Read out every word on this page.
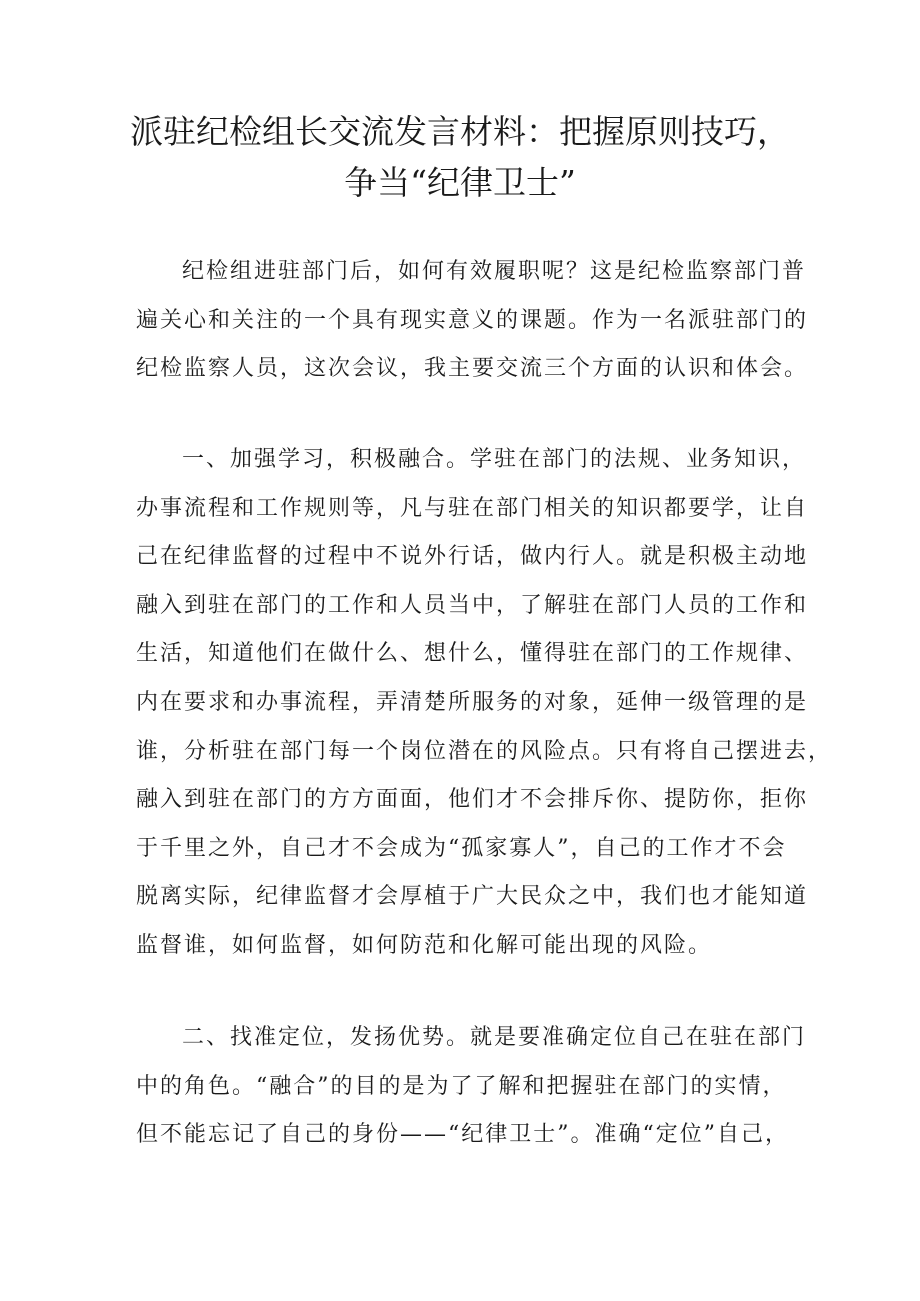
派驻纪检组长交流发言材料：把握原则技巧，
争当“纪律卫士”

纪检组进驻部门后，如何有效履职呢？这是纪检监察部门普
遍关心和关注的一个具有现实意义的课题。作为一名派驻部门的
纪检监察人员，这次会议，我主要交流三个方面的认识和体会。

一、加强学习，积极融合。学驻在部门的法规、业务知识，
办事流程和工作规则等，凡与驻在部门相关的知识都要学，让自
己在纪律监督的过程中不说外行话，做内行人。就是积极主动地
融入到驻在部门的工作和人员当中，了解驻在部门人员的工作和
生活，知道他们在做什么、想什么，懂得驻在部门的工作规律、
内在要求和办事流程，弄清楚所服务的对象，延伸一级管理的是
谁，分析驻在部门每一个岗位潜在的风险点。只有将自己摆进去，
融入到驻在部门的方方面面，他们才不会排斥你、提防你，拒你
于千里之外，自己才不会成为“孤家寡人”，自己的工作才不会
脱离实际，纪律监督才会厚植于广大民众之中，我们也才能知道
监督谁，如何监督，如何防范和化解可能出现的风险。

二、找准定位，发扬优势。就是要准确定位自己在驻在部门
中的角色。“融合”的目的是为了了解和把握驻在部门的实情，
但不能忘记了自己的身份——“纪律卫士”。准确“定位”自己，
